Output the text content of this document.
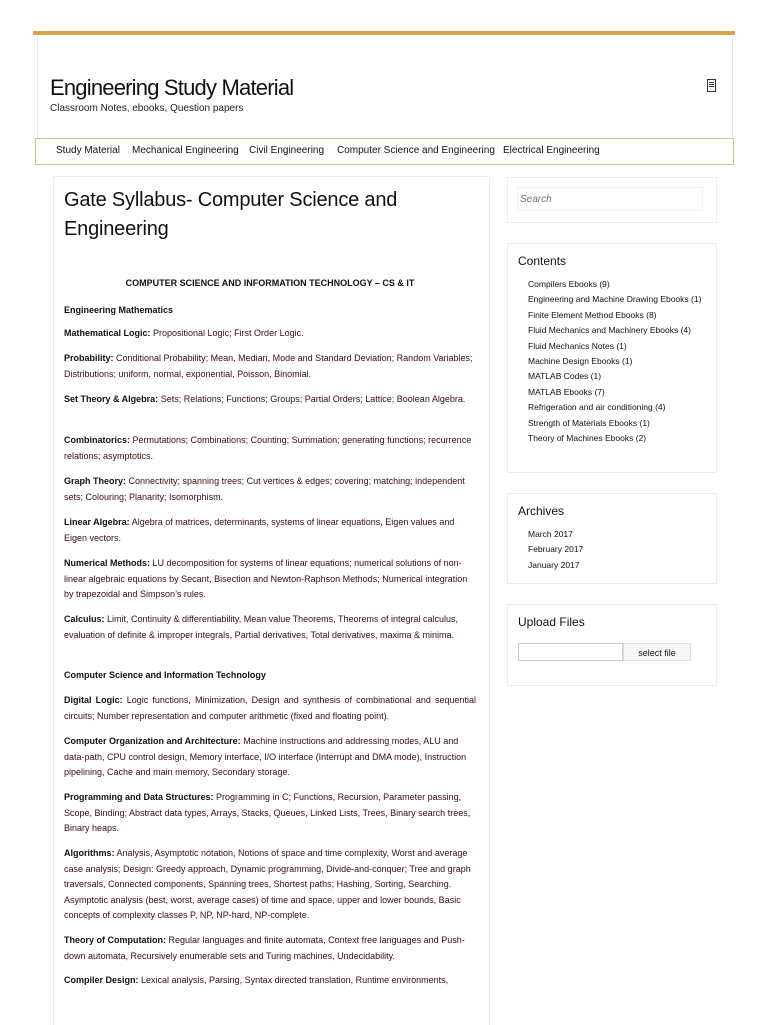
Engineering Study Material
Classroom Notes, ebooks, Question papers
Study Material Mechanical Engineering Civil Engineering Computer Science and Engineering Electrical Engineering
Gate Syllabus- Computer Science and Engineering
COMPUTER SCIENCE AND INFORMATION TECHNOLOGY – CS & IT
Engineering Mathematics
Mathematical Logic: Propositional Logic; First Order Logic.
Probability: Conditional Probability; Mean, Median, Mode and Standard Deviation; Random Variables; Distributions; uniform, normal, exponential, Poisson, Binomial.
Set Theory & Algebra: Sets; Relations; Functions; Groups; Partial Orders; Lattice; Boolean Algebra.
Combinatorics: Permutations; Combinations; Counting; Summation; generating functions; recurrence relations; asymptotics.
Graph Theory: Connectivity; spanning trees; Cut vertices & edges; covering; matching; independent sets; Colouring; Planarity; Isomorphism.
Linear Algebra: Algebra of matrices, determinants, systems of linear equations, Eigen values and Eigen vectors.
Numerical Methods: LU decomposition for systems of linear equations; numerical solutions of non-linear algebraic equations by Secant, Bisection and Newton-Raphson Methods; Numerical integration by trapezoidal and Simpson’s rules.
Calculus: Limit, Continuity & differentiability, Mean value Theorems, Theorems of integral calculus, evaluation of definite & improper integrals, Partial derivatives, Total derivatives, maxima & minima.
Computer Science and Information Technology
Digital Logic: Logic functions, Minimization, Design and synthesis of combinational and sequential circuits; Number representation and computer arithmetic (fixed and floating point).
Computer Organization and Architecture: Machine instructions and addressing modes, ALU and data-path, CPU control design, Memory interface, I/O interface (Interrupt and DMA mode), Instruction pipelining, Cache and main memory, Secondary storage.
Programming and Data Structures: Programming in C; Functions, Recursion, Parameter passing, Scope, Binding; Abstract data types, Arrays, Stacks, Queues, Linked Lists, Trees, Binary search trees, Binary heaps.
Algorithms: Analysis, Asymptotic notation, Notions of space and time complexity, Worst and average case analysis; Design: Greedy approach, Dynamic programming, Divide-and-conquer; Tree and graph traversals, Connected components, Spanning trees, Shortest paths; Hashing, Sorting, Searching. Asymptotic analysis (best, worst, average cases) of time and space, upper and lower bounds, Basic concepts of complexity classes P, NP, NP-hard, NP-complete.
Theory of Computation: Regular languages and finite automata, Context free languages and Push-down automata, Recursively enumerable sets and Turing machines, Undecidability.
Compiler Design: Lexical analysis, Parsing, Syntax directed translation, Runtime environments,
Search
Contents
Compilers Ebooks (9)
Engineering and Machine Drawing Ebooks (1)
Finite Element Method Ebooks (8)
Fluid Mechanics and Machinery Ebooks (4)
Fluid Mechanics Notes (1)
Machine Design Ebooks (1)
MATLAB Codes (1)
MATLAB Ebooks (7)
Refrigeration and air conditioning (4)
Strength of Materials Ebooks (1)
Theory of Machines Ebooks (2)
Archives
March 2017
February 2017
January 2017
Upload Files
select file
